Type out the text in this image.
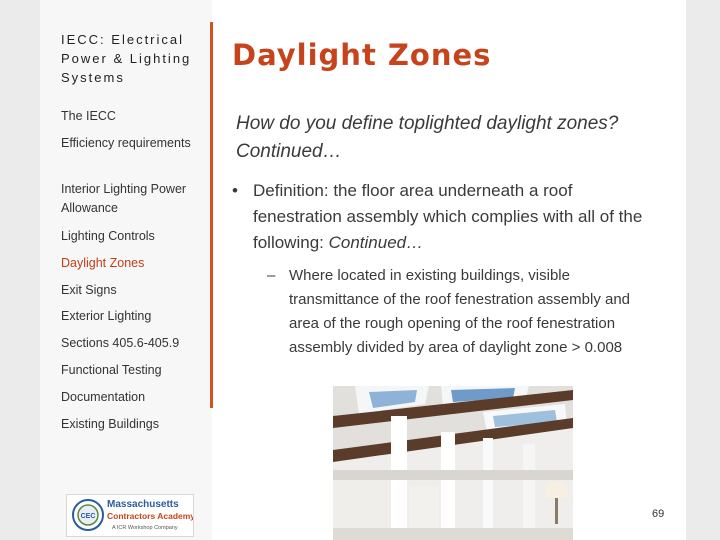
IECC: Electrical Power & Lighting Systems
The IECC
Efficiency requirements
Interior Lighting Power Allowance
Lighting Controls
Daylight Zones
Exit Signs
Exterior Lighting
Sections 405.6-405.9
Functional Testing
Documentation
Existing Buildings
Daylight Zones

How do you define toplighted daylight zones? Continued…

• Definition: the floor area underneath a roof fenestration assembly which complies with all of the following: Continued…
– Where located in existing buildings, visible transmittance of the roof fenestration assembly and area of the rough opening of the roof fenestration assembly divided by area of daylight zone > 0.008
CEC
Massachusetts
Contractors Academy
A ICR Workshop Company
69
